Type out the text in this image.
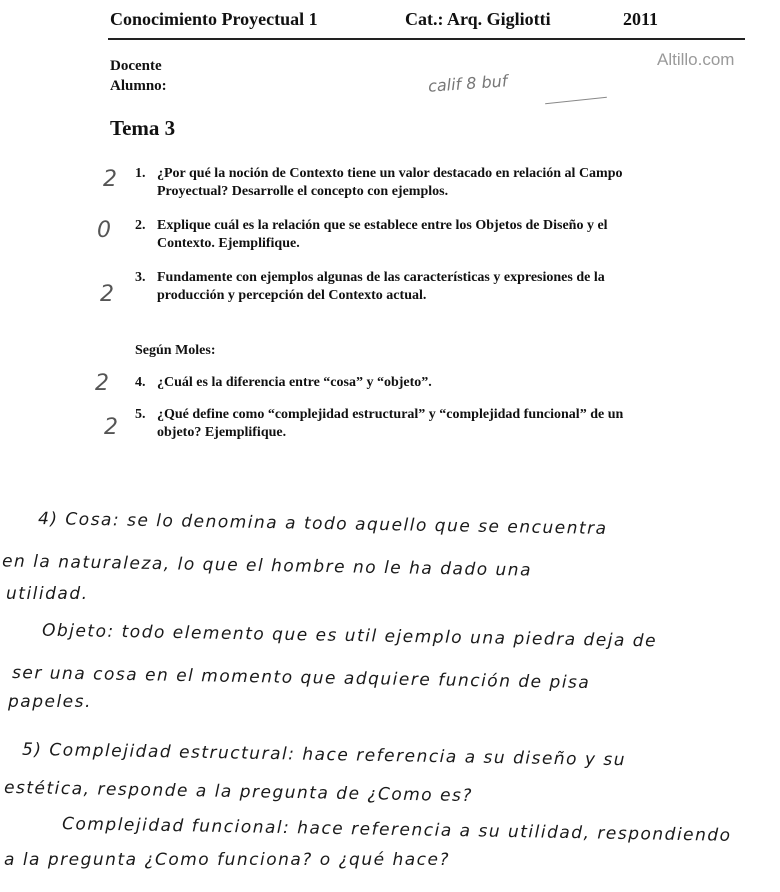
Conocimiento Proyectual 1	Cat.: Arq. Gigliotti	2011
Altillo.com
Docente
Alumno:	calif 8 buf
Tema 3
2 1. ¿Por qué la noción de Contexto tiene un valor destacado en relación al Campo Proyectual? Desarrolle el concepto con ejemplos.
0 2. Explique cuál es la relación que se establece entre los Objetos de Diseño y el Contexto. Ejemplifique.
2
3. Fundamente con ejemplos algunas de las características y expresiones de la producción y percepción del Contexto actual.
Según Moles:
2 4. ¿Cuál es la diferencia entre “cosa” y “objeto”.
2
5. ¿Qué define como “complejidad estructural” y “complejidad funcional” de un objeto? Ejemplifique.
4) Cosa: se lo denomina a todo aquello que se encuentra
en la naturaleza, lo que el hombre no le ha dado una
utilidad.
Objeto: todo elemento que es util ejemplo una piedra deja de
ser una cosa en el momento que adquiere función de pisa
papeles.
5) Complejidad estructural: hace referencia a su diseño y su
estética, responde a la pregunta de ¿Como es?
Complejidad funcional: hace referencia a su utilidad, respondiendo
a la pregunta ¿Como funciona? o ¿qué hace?
